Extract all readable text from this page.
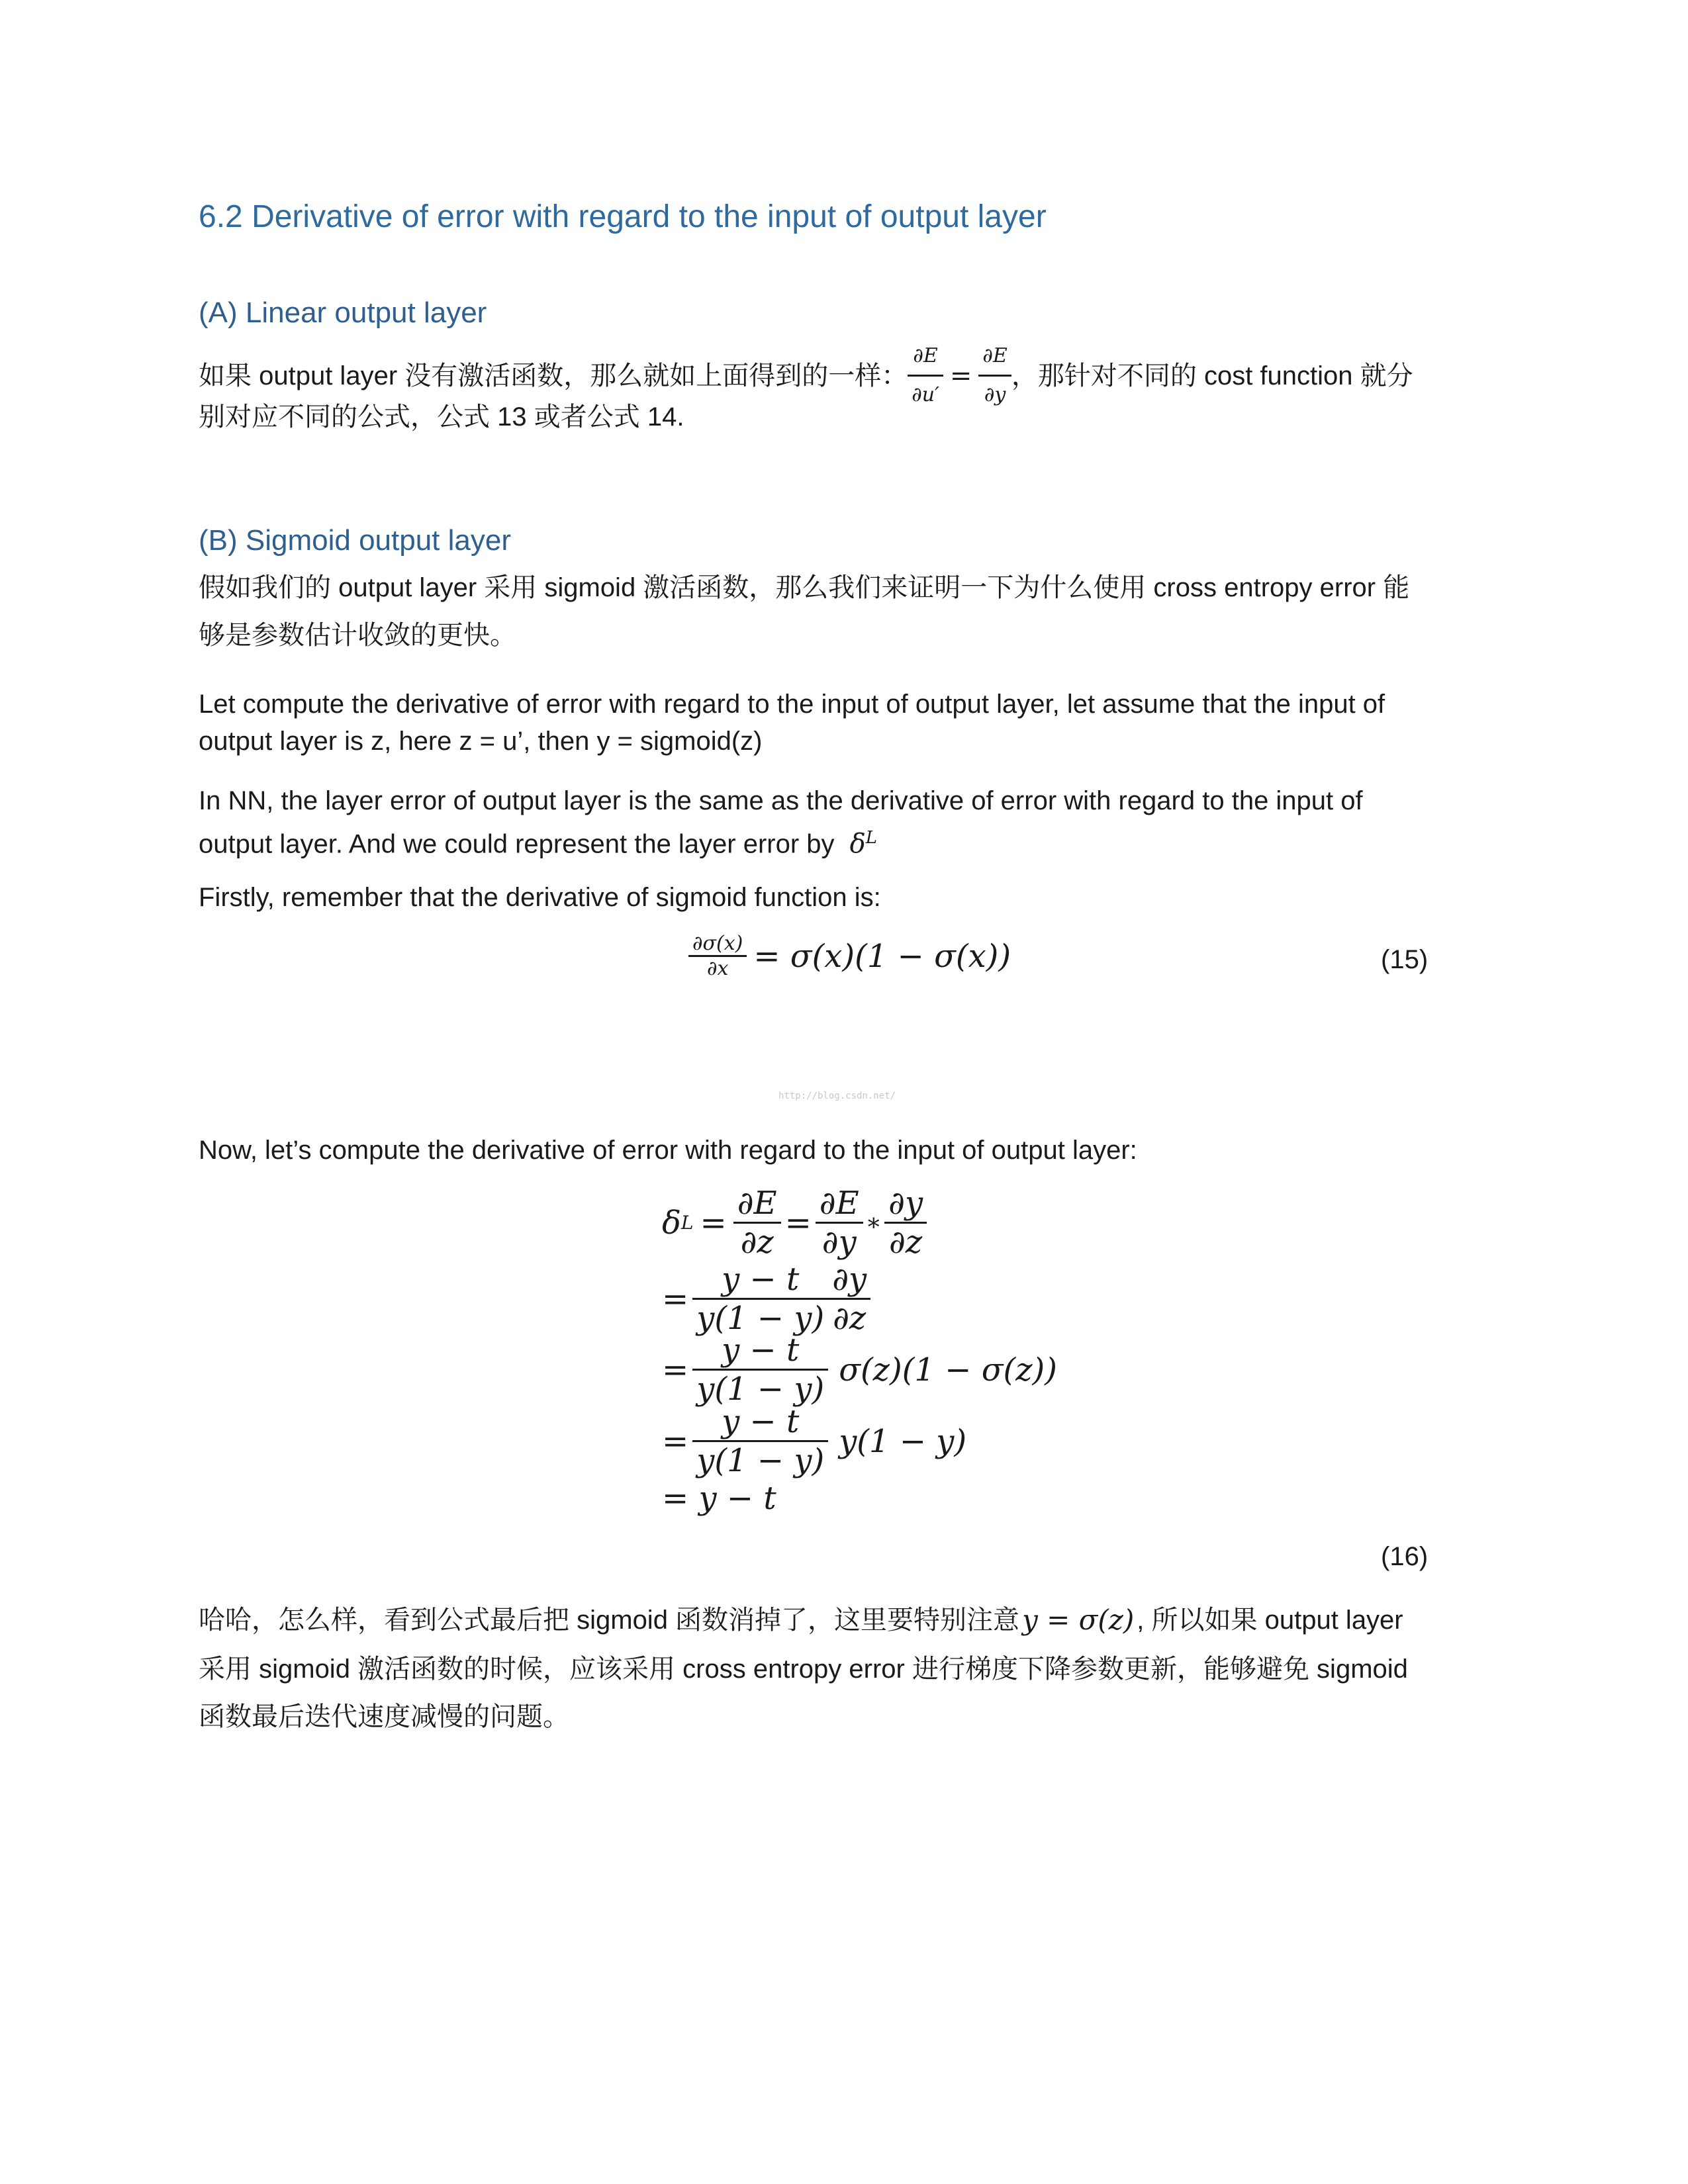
6.2 Derivative of error with regard to the input of output layer
(A) Linear output layer
如果 output layer 没有激活函数，那么就如上面得到的一样： $\frac{\partial E}{\partial u'} = \frac{\partial E}{\partial y}$ ，那针对不同的 cost function 就分
别对应不同的公式，公式 13 或者公式 14.
(B) Sigmoid output layer
假如我们的 output layer 采用 sigmoid 激活函数，那么我们来证明一下为什么使用 cross entropy error 能
够是参数估计收敛的更快。
Let compute the derivative of error with regard to the input of output layer, let assume that the input of
output layer is z, here z = u’, then y = sigmoid(z)
In NN, the layer error of output layer is the same as the derivative of error with regard to the input of
output layer. And we could represent the layer error by $\delta^L$
Firstly, remember that the derivative of sigmoid function is:
$\frac{\partial\sigma(x)}{\partial x} = \sigma(x)(1 - \sigma(x))$	(15)
http://blog.csdn.net/
Now, let’s compute the derivative of error with regard to the input of output layer:
δ $L = \frac{\partial E}{\partial z} = \frac{\partial E}{\partial y}$ ∗ $\frac{\partial y}{\partial z}$
= $\frac{y - t}{y(1 - y)} \frac{\partial y}{\partial z}$
= $\frac{y - t}{y(1 - y)} \sigma(z)(1 - \sigma(z))$
= $\frac{y - t}{y(1 - y)} y(1 - y)$
= y − t
(16)
哈哈，怎么样，看到公式最后把 sigmoid 函数消掉了，这里要特别注意 y = σ(z) , 所以如果 output layer
采用 sigmoid 激活函数的时候，应该采用 cross entropy error 进行梯度下降参数更新，能够避免 sigmoid
函数最后迭代速度减慢的问题。
